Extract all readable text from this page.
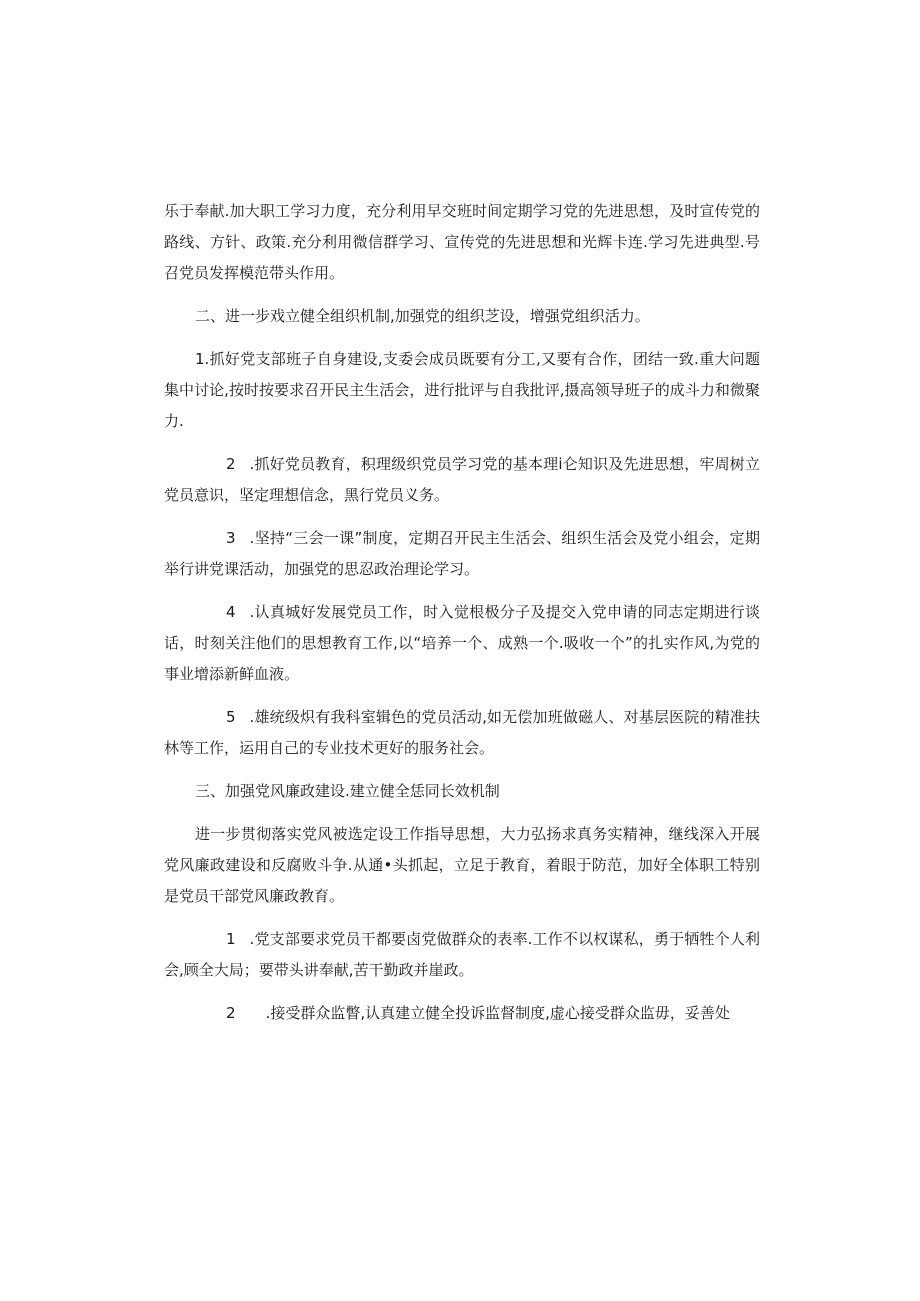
乐于奉献.加大职工学习力度，充分利用早交班时间定期学习党的先进思想，及时宣传党的路线、方针、政策.充分利用微信群学习、宣传党的先进思想和光辉卡连.学习先进典型.号召党员发挥模范带头作用。

二、进一步戏立健全组织机制,加强党的组织芝设，增强党组织活力。

1.抓好党支部班子自身建设,支委会成员既要有分工,又要有合作，团结一致.重大问题集中讨论,按时按要求召开民主生活会，进行批评与自我批评,摄高领导班子的成斗力和微聚力.

2 .抓好党员教育，积理级织党员学习党的基本理i仑知识及先进思想，牢周树立党员意识，坚定理想信念，黑行党员义务。

3 .坚持“三会一课”制度，定期召开民主生活会、组织生活会及党小组会，定期举行讲党课活动，加强党的思忍政治理论学习。

4 .认真城好发展党员工作，时入觉根极分子及提交入党申请的同志定期进行谈话，时刻关注他们的思想教育工作,以“培养一个、成熟一个.吸收一个”的扎实作风,为党的事业增添新鲜血液。

5 .雄统级炽有我科室辑色的党员活动,如无偿加班做磁人、对基层医院的精准扶林等工作，运用自己的专业技术更好的服务社会。

三、加强党风廉政建设.建立健全恁同长效机制

进一步贯彻落实党风被选定设工作指导思想，大力弘扬求真务实精神，继线深入开展党风廉政建设和反腐败斗争.从通•头抓起，立足于教育，着眼于防范，加好全体职工特别是党员干部党风廉政教育。

1 .党支部要求党员干都要卤党做群众的表率.工作不以权谋私，勇于牺牲个人利会,顾全大局；要带头讲奉献,苦干勤政并崖政。

2 .接受群众监瞥,认真建立健全投诉监督制度,虚心接受群众监毋，妥善处
